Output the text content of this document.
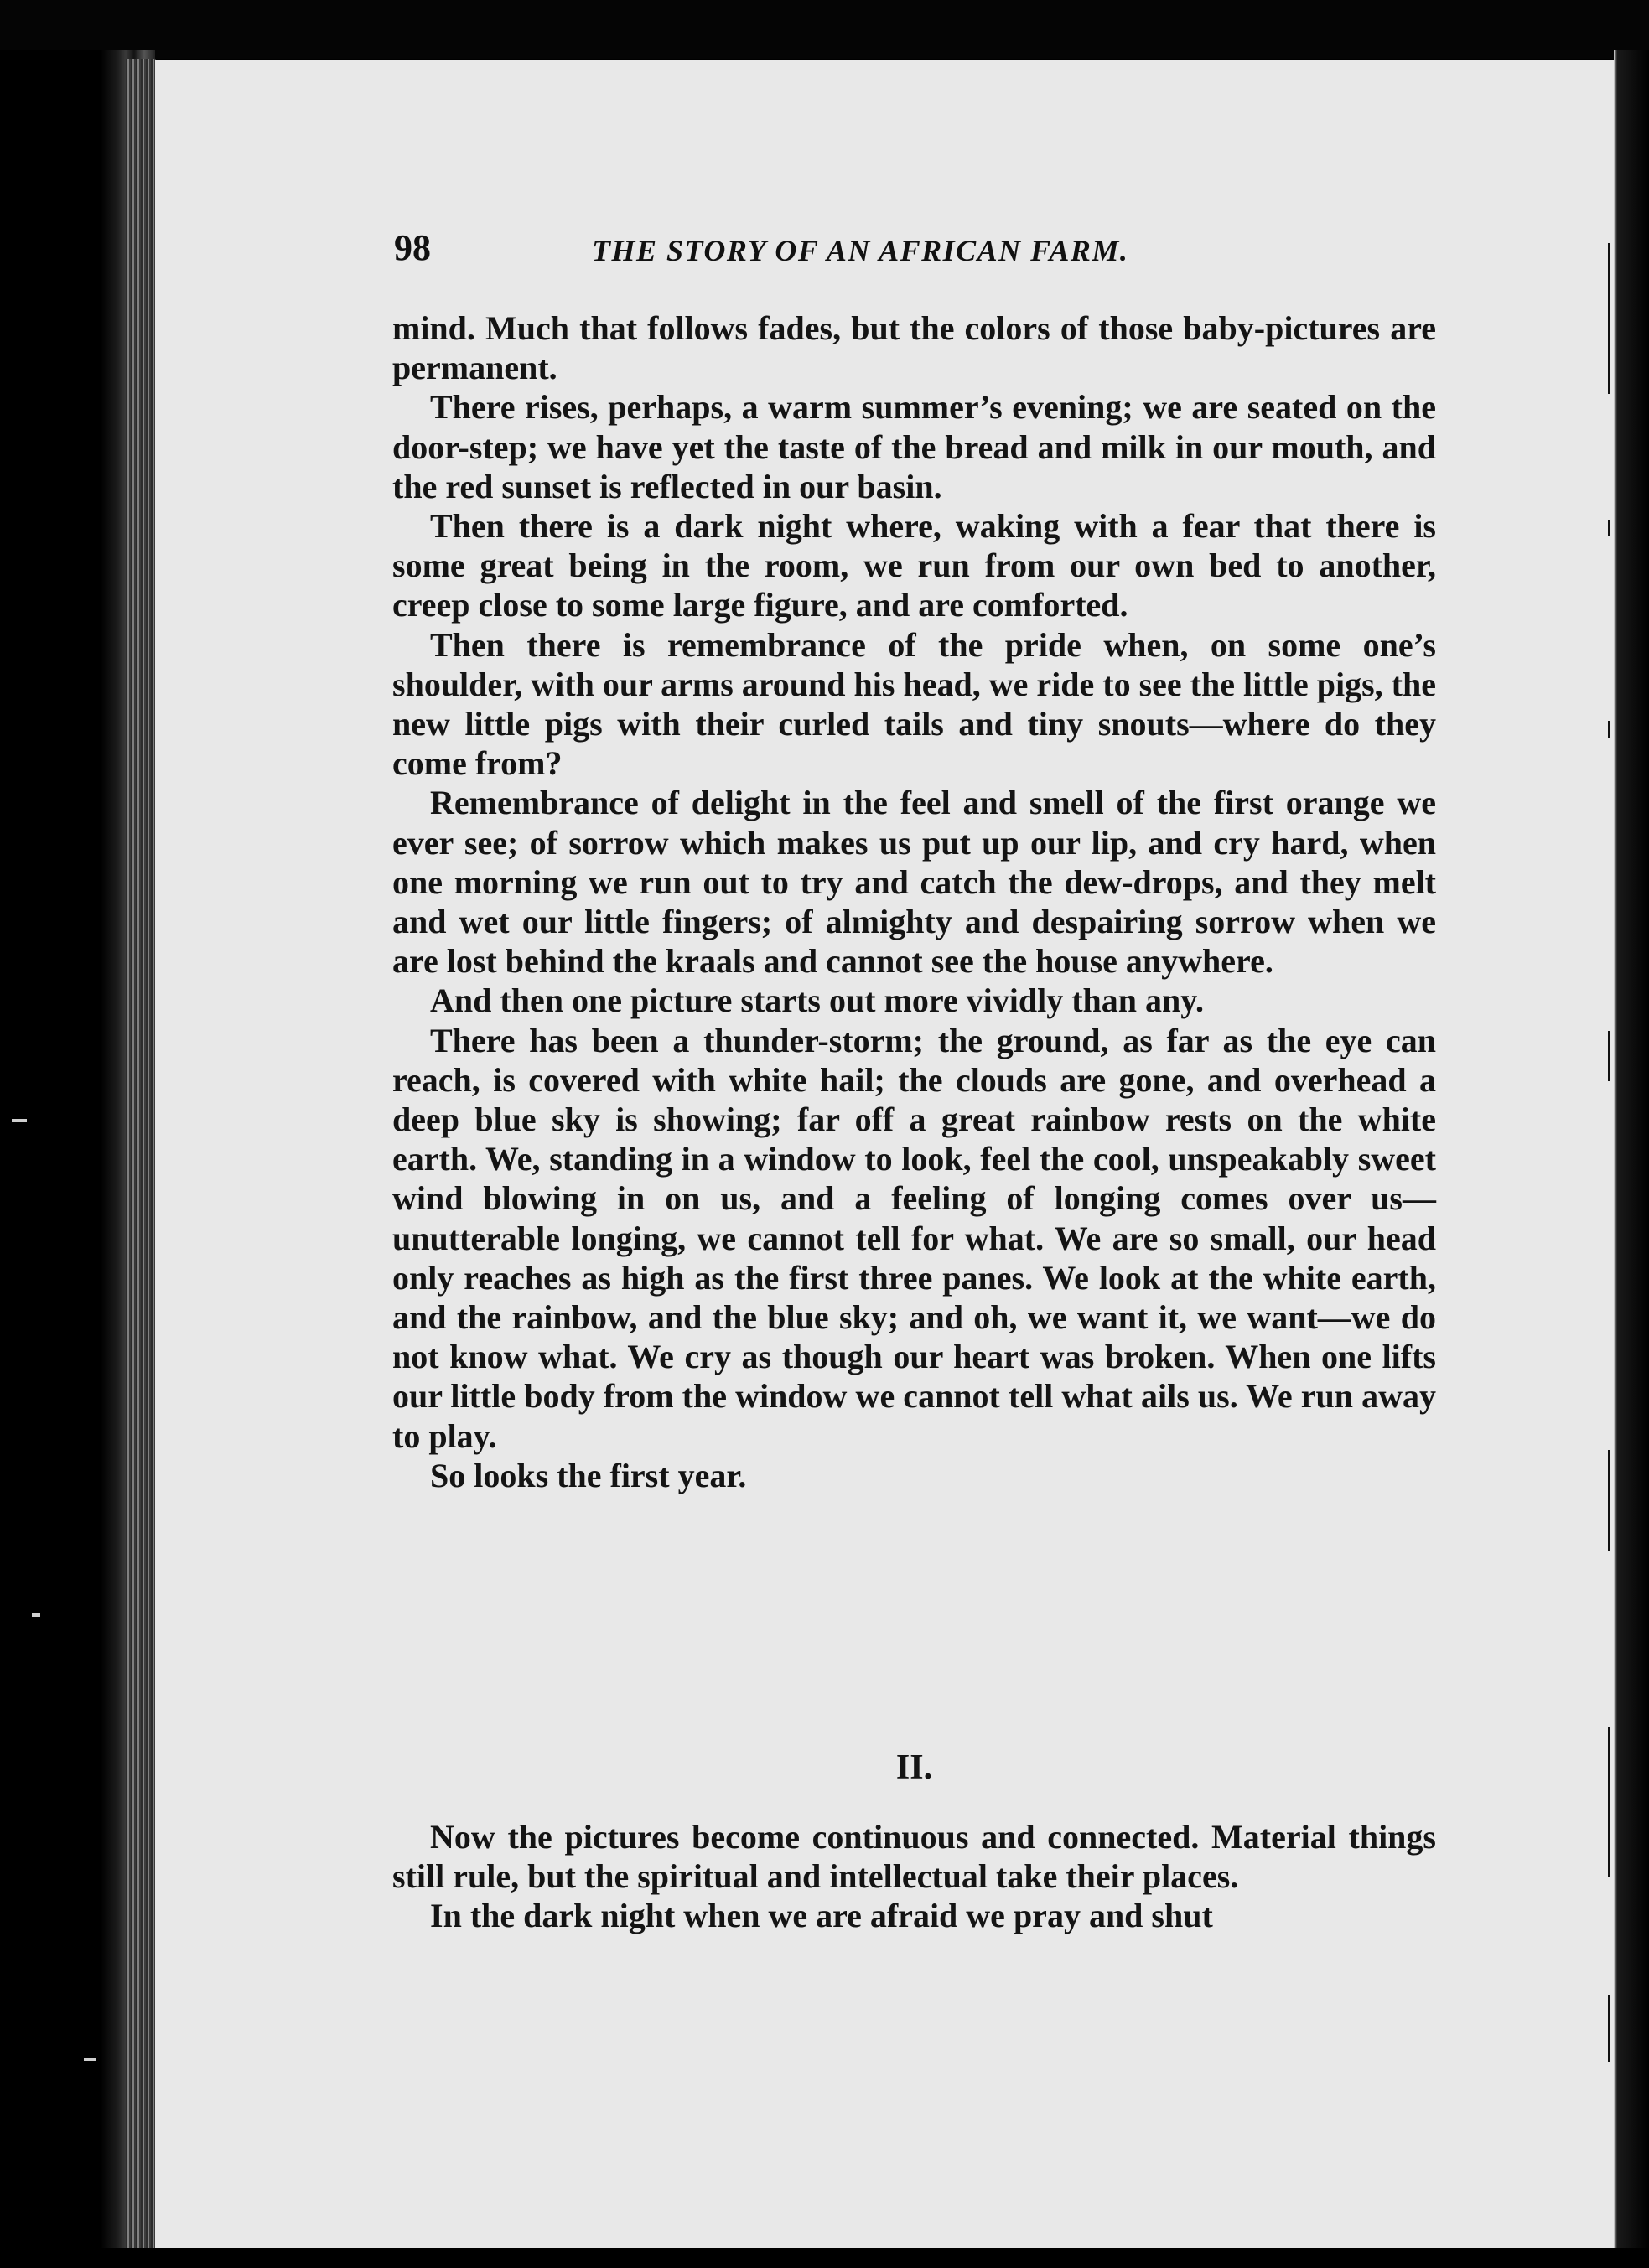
98	THE STORY OF AN AFRICAN FARM.

mind. Much that follows fades, but the colors of those baby-pictures are permanent.

There rises, perhaps, a warm summer’s evening; we are seated on the door-step; we have yet the taste of the bread and milk in our mouth, and the red sunset is reflected in our basin.

Then there is a dark night where, waking with a fear that there is some great being in the room, we run from our own bed to another, creep close to some large figure, and are comforted.

Then there is remembrance of the pride when, on some one’s shoulder, with our arms around his head, we ride to see the little pigs, the new little pigs with their curled tails and tiny snouts—where do they come from?

Remembrance of delight in the feel and smell of the first orange we ever see; of sorrow which makes us put up our lip, and cry hard, when one morning we run out to try and catch the dew-drops, and they melt and wet our little fingers; of almighty and despairing sorrow when we are lost behind the kraals and cannot see the house anywhere.

And then one picture starts out more vividly than any.

There has been a thunder-storm; the ground, as far as the eye can reach, is covered with white hail; the clouds are gone, and overhead a deep blue sky is showing; far off a great rainbow rests on the white earth. We, standing in a window to look, feel the cool, unspeakably sweet wind blowing in on us, and a feeling of longing comes over us—unutterable longing, we cannot tell for what. We are so small, our head only reaches as high as the first three panes. We look at the white earth, and the rainbow, and the blue sky; and oh, we want it, we want—we do not know what. We cry as though our heart was broken. When one lifts our little body from the window we cannot tell what ails us. We run away to play.

So looks the first year.

II.

Now the pictures become continuous and connected. Material things still rule, but the spiritual and intellectual take their places.

In the dark night when we are afraid we pray and shut
